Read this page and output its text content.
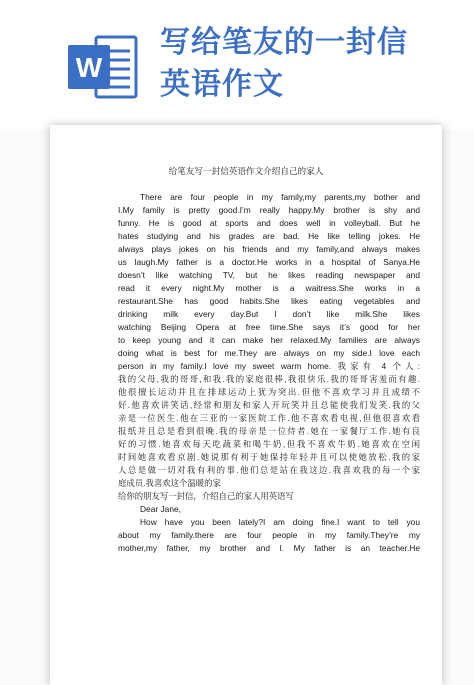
W
写给笔友的一封信
英语作文
给笔友写一封信英语作文介绍自己的家人
There are four people in my family,my parents,my bother and
I.My family is pretty good.I’m really happy.My brother is shy and
funny. He is good at sports and does well in volleyball. But he
hates studying and his grades are bad. He like telling jokes. He
always plays jokes on his friends and my family,and always makes
us laugh.My father is a doctor.He works in a hospital of Sanya.He
doesn’t like watching TV, but he likes reading newspaper and
read it every night.My mother is a waitress.She works in a
restaurant.She has good habits.She likes eating vegetables and
drinking milk every day.But I don’t like milk.She likes
watching Beijing Opera at free time.She says it’s good for her
to keep young and it can make her relaxed.My families are always
doing what is best for me.They are always on my side.I love each
person in my family.I love my sweet warm home. 我家有 4 个人:
我的父母,我的哥哥,和我.我的家庭很棒,我很快乐.我的哥哥害羞而有趣.
他很擅长运动并且在排球运动上犹为突出.但他不喜欢学习并且成绩不
好.他喜欢讲笑话,经常和朋友和家人开玩笑并且总能使我们发笑.我的父
亲是一位医生.他在三亚的一家医院工作.他不喜欢看电视,但他很喜欢看
报纸并且总是看到很晚.我的母亲是一位侍者.她在一家餐厅工作.她有良
好的习惯.她喜欢每天吃蔬菜和喝牛奶,但我不喜欢牛奶.她喜欢在空闲
时间她喜欢看京剧.她说那有利于她保持年轻并且可以使她放松.我的家
人总是做一切对我有利的事.他们总是站在我这边.我喜欢我的每一个家
庭成员.我喜欢这个温暖的家
给你的朋友写一封信，介绍自己的家人用英语写
Dear Jane,
How have you been lately?I am doing fine.I want to tell you
about my family.there are four people in my family.They’re my
mother,my father, my brother and I. My father is an teacher.He
